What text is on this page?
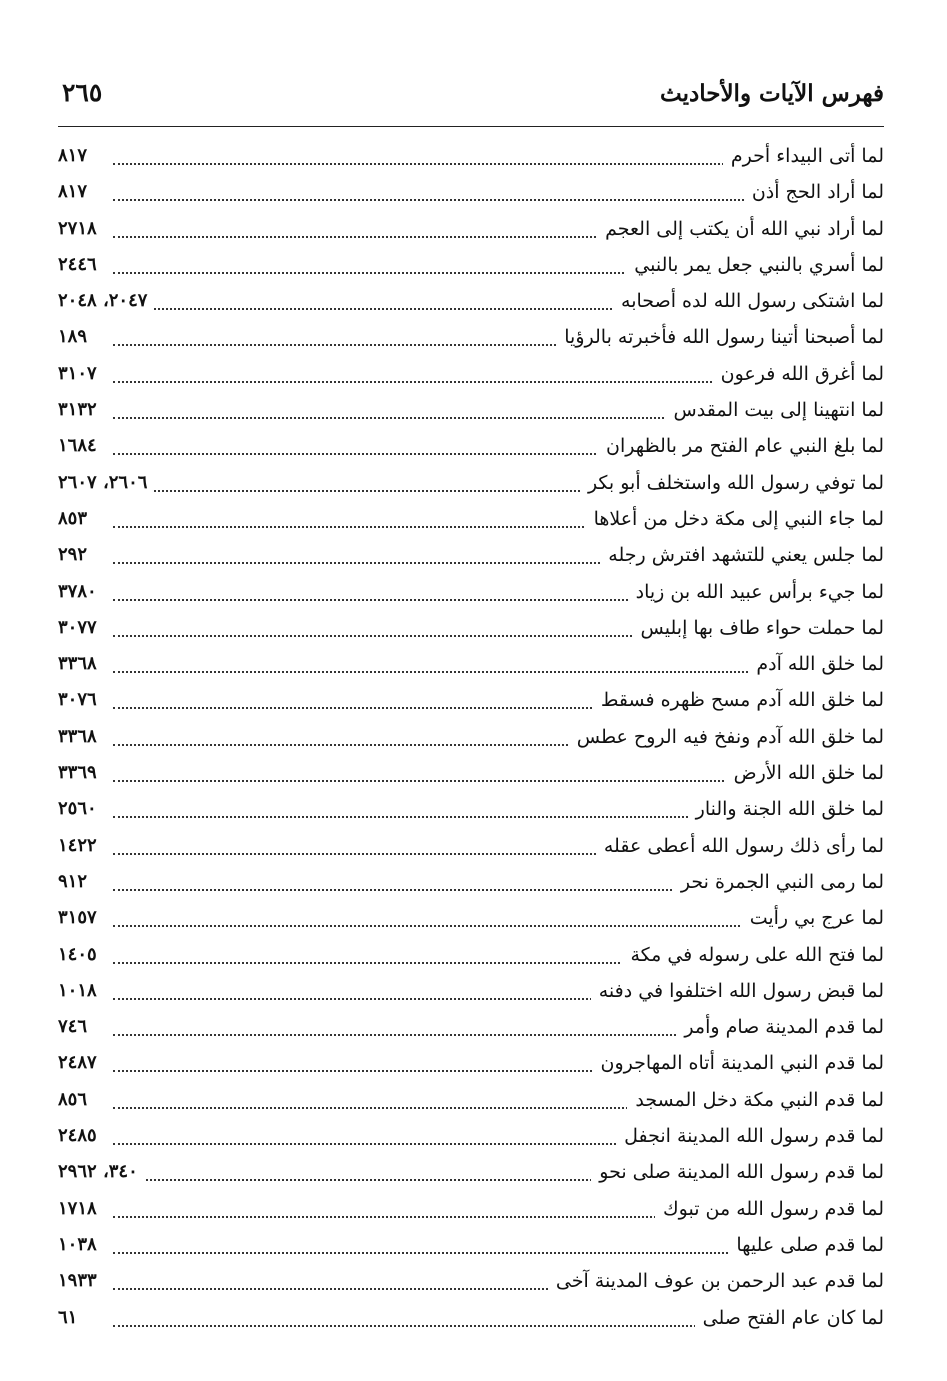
فهرس الآيات والأحاديث
٢٦٥
لما أتى البيداء أحرم
٨١٧
لما أراد الحج أذن
٨١٧
لما أراد نبي الله أن يكتب إلى العجم
٢٧١٨
لما أسري بالنبي جعل يمر بالنبي
٢٤٤٦
لما اشتكى رسول الله لده أصحابه
٢٠٤٧، ٢٠٤٨
لما أصبحنا أتينا رسول الله فأخبرته بالرؤيا
١٨٩
لما أغرق الله فرعون
٣١٠٧
لما انتهينا إلى بيت المقدس
٣١٣٢
لما بلغ النبي عام الفتح مر بالظهران
١٦٨٤
لما توفي رسول الله واستخلف أبو بكر
٢٦٠٦، ٢٦٠٧
لما جاء النبي إلى مكة دخل من أعلاها
٨٥٣
لما جلس يعني للتشهد افترش رجله
٢٩٢
لما جيء برأس عبيد الله بن زياد
٣٧٨٠
لما حملت حواء طاف بها إبليس
٣٠٧٧
لما خلق الله آدم
٣٣٦٨
لما خلق الله آدم مسح ظهره فسقط
٣٠٧٦
لما خلق الله آدم ونفخ فيه الروح عطس
٣٣٦٨
لما خلق الله الأرض
٣٣٦٩
لما خلق الله الجنة والنار
٢٥٦٠
لما رأى ذلك رسول الله أعطى عقله
١٤٢٢
لما رمى النبي الجمرة نحر
٩١٢
لما عرج بي رأيت
٣١٥٧
لما فتح الله على رسوله في مكة
١٤٠٥
لما قبض رسول الله اختلفوا في دفنه
١٠١٨
لما قدم المدينة صام وأمر
٧٤٦
لما قدم النبي المدينة أتاه المهاجرون
٢٤٨٧
لما قدم النبي مكة دخل المسجد
٨٥٦
لما قدم رسول الله المدينة انجفل
٢٤٨٥
لما قدم رسول الله المدينة صلى نحو
٣٤٠، ٢٩٦٢
لما قدم رسول الله من تبوك
١٧١٨
لما قدم صلى عليها
١٠٣٨
لما قدم عبد الرحمن بن عوف المدينة آخى
١٩٣٣
لما كان عام الفتح صلى
٦١
